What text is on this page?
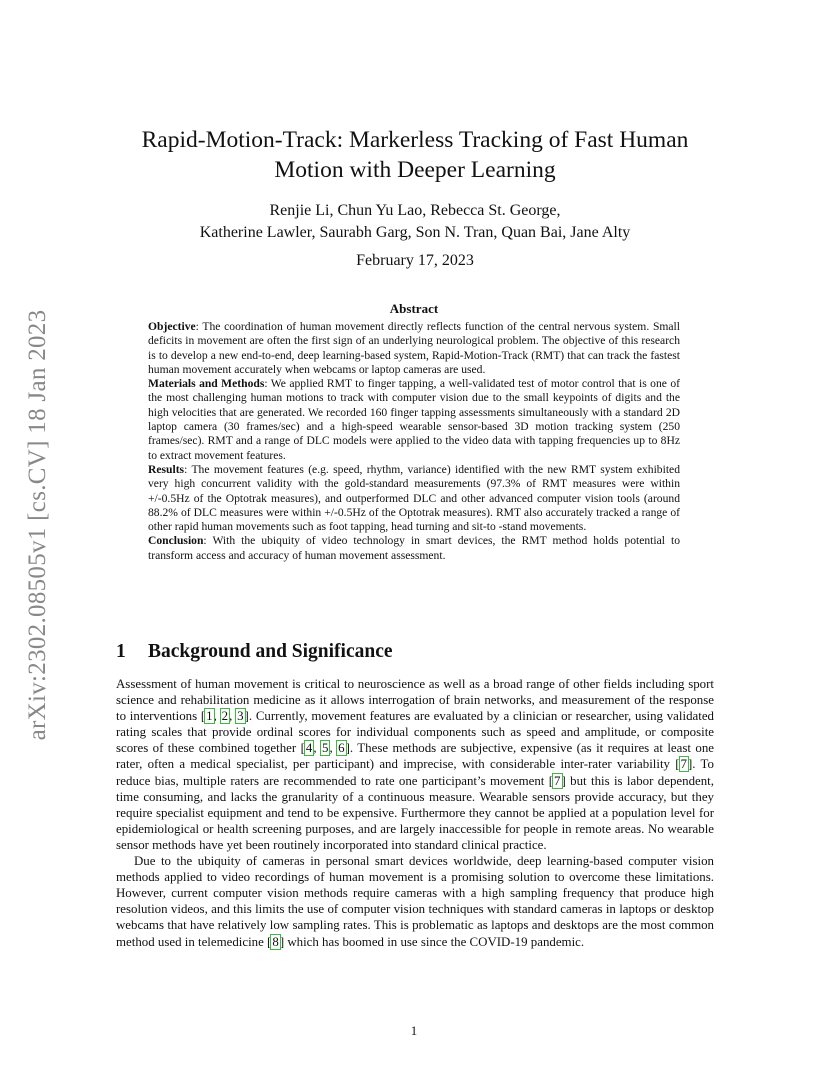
arXiv:2302.08505v1 [cs.CV] 18 Jan 2023
Rapid-Motion-Track: Markerless Tracking of Fast Human
Motion with Deeper Learning
Renjie Li, Chun Yu Lao, Rebecca St. George,
Katherine Lawler, Saurabh Garg, Son N. Tran, Quan Bai, Jane Alty
February 17, 2023
Abstract

Objective: The coordination of human movement directly reflects function of the central nervous system. Small deficits in movement are often the first sign of an underlying neurological problem. The objective of this research is to develop a new end-to-end, deep learning-based system, Rapid-Motion-Track (RMT) that can track the fastest human movement accurately when webcams or laptop cameras are used.

Materials and Methods: We applied RMT to finger tapping, a well-validated test of motor control that is one of the most challenging human motions to track with computer vision due to the small keypoints of digits and the high velocities that are generated. We recorded 160 finger tapping assessments simultaneously with a standard 2D laptop camera (30 frames/sec) and a high-speed wearable sensor-based 3D motion tracking system (250 frames/sec). RMT and a range of DLC models were applied to the video data with tapping frequencies up to 8Hz to extract movement features.

Results: The movement features (e.g. speed, rhythm, variance) identified with the new RMT system exhibited very high concurrent validity with the gold-standard measurements (97.3% of RMT measures were within +/-0.5Hz of the Optotrak measures), and outperformed DLC and other advanced computer vision tools (around 88.2% of DLC measures were within +/-0.5Hz of the Optotrak measures). RMT also accurately tracked a range of other rapid human movements such as foot tapping, head turning and sit-to -stand movements.

Conclusion: With the ubiquity of video technology in smart devices, the RMT method holds potential to transform access and accuracy of human movement assessment.

1 Background and Significance

Assessment of human movement is critical to neuroscience as well as a broad range of other fields including sport science and rehabilitation medicine as it allows interrogation of brain networks, and measurement of the response to interventions [1, 2, 3]. Currently, movement features are evaluated by a clinician or researcher, using validated rating scales that provide ordinal scores for individual components such as speed and amplitude, or composite scores of these combined together [4, 5, 6]. These methods are subjective, expensive (as it requires at least one rater, often a medical specialist, per participant) and imprecise, with considerable inter-rater variability [7]. To reduce bias, multiple raters are recommended to rate one participant’s movement [7] but this is labor dependent, time consuming, and lacks the granularity of a continuous measure. Wearable sensors provide accuracy, but they require specialist equipment and tend to be expensive. Furthermore they cannot be applied at a population level for epidemiological or health screening purposes, and are largely inaccessible for people in remote areas. No wearable sensor methods have yet been routinely incorporated into standard clinical practice.

Due to the ubiquity of cameras in personal smart devices worldwide, deep learning-based computer vision methods applied to video recordings of human movement is a promising solution to overcome these limitations. However, current computer vision methods require cameras with a high sampling frequency that produce high resolution videos, and this limits the use of computer vision techniques with standard cameras in laptops or desktop webcams that have relatively low sampling rates. This is problematic as laptops and desktops are the most common method used in telemedicine [8] which has boomed in use since the COVID-19 pandemic.

1
